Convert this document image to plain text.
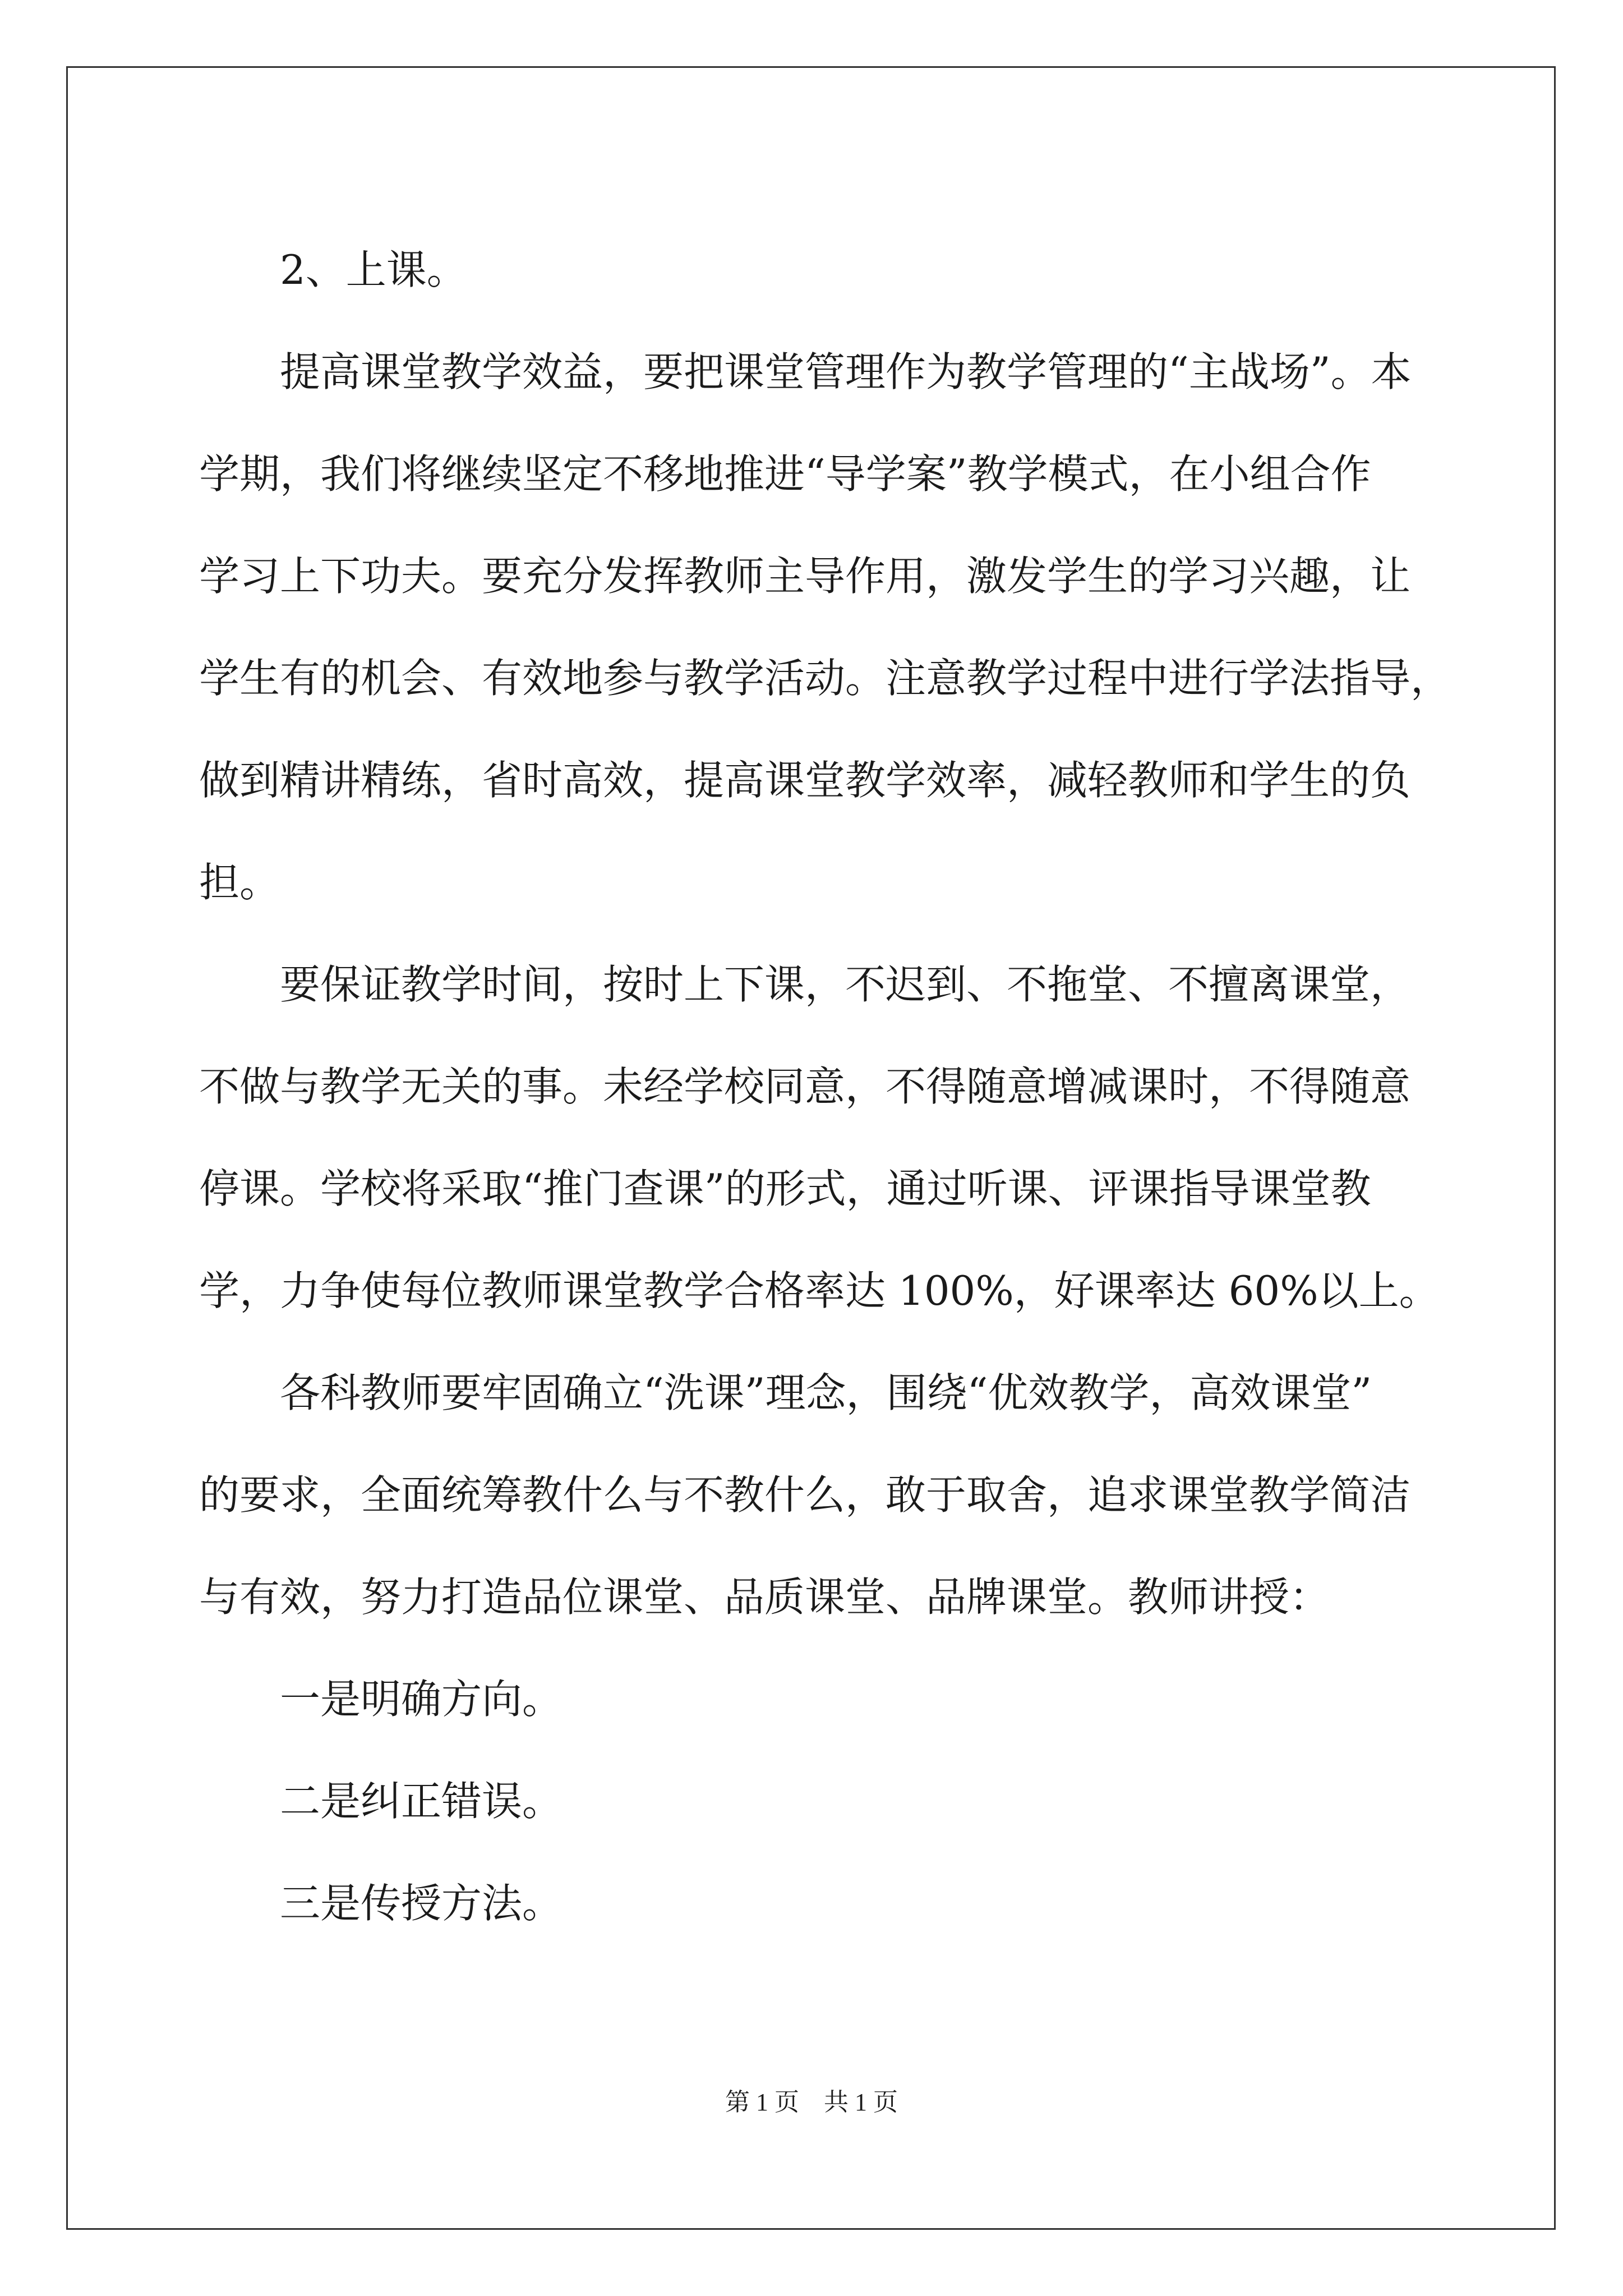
2、上课。
提高课堂教学效益，要把课堂管理作为教学管理的“主战场”。本
学期，我们将继续坚定不移地推进“导学案”教学模式，在小组合作
学习上下功夫。要充分发挥教师主导作用，激发学生的学习兴趣，让
学生有的机会、有效地参与教学活动。注意教学过程中进行学法指导，
做到精讲精练，省时高效，提高课堂教学效率，减轻教师和学生的负
担。
要保证教学时间，按时上下课，不迟到、不拖堂、不擅离课堂，
不做与教学无关的事。未经学校同意，不得随意增减课时，不得随意
停课。学校将采取“推门查课”的形式，通过听课、评课指导课堂教
学，力争使每位教师课堂教学合格率达 100%，好课率达 60%以上。
各科教师要牢固确立“洗课”理念，围绕“优效教学，高效课堂”
的要求，全面统筹教什么与不教什么，敢于取舍，追求课堂教学简洁
与有效，努力打造品位课堂、品质课堂、品牌课堂。教师讲授：
一是明确方向。
二是纠正错误。
三是传授方法。
第 1 页　共 1 页
